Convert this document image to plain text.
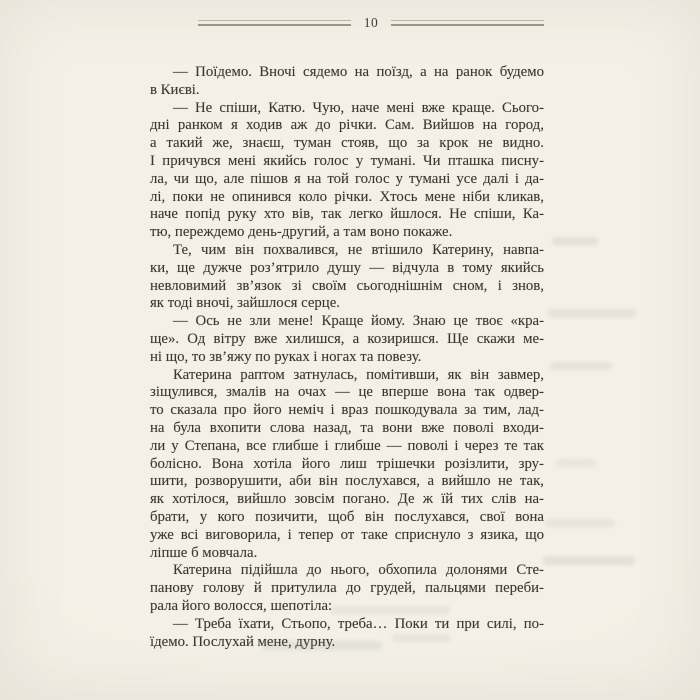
10
— Поїдемо. Вночі сядемо на поїзд, а на ранок будемо
в Києві.
— Не спіши, Катю. Чую, наче мені вже краще. Сього-
дні ранком я ходив аж до річки. Сам. Вийшов на город,
а такий же, знаєш, туман стояв, що за крок не видно.
І причувся мені якийсь голос у тумані. Чи пташка писну-
ла, чи що, але пішов я на той голос у тумані усе далі і да-
лі, поки не опинився коло річки. Хтось мене ніби кликав,
наче попід руку хто вів, так легко йшлося. Не спіши, Ка-
тю, переждемо день-другий, а там воно покаже.
Те, чим він похвалився, не втішило Катерину, навпа-
ки, ще дужче роз’ятрило душу — відчула в тому якийсь
невловимий зв’язок зі своїм сьогоднішнім сном, і знов,
як тоді вночі, зайшлося серце.
— Ось не зли мене! Краще йому. Знаю це твоє «кра-
ще». Од вітру вже хилишся, а козиришся. Ще скажи ме-
ні що, то зв’яжу по руках і ногах та повезу.
Катерина раптом затнулась, помітивши, як він завмер,
зіщулився, змалів на очах — це вперше вона так одвер-
то сказала про його неміч і враз пошкодувала за тим, лад-
на була вхопити слова назад, та вони вже поволі входи-
ли у Степана, все глибше і глибше — поволі і через те так
болісно. Вона хотіла його лиш трішечки розізлити, зру-
шити, розворушити, аби він послухався, а вийшло не так,
як хотілося, вийшло зовсім погано. Де ж їй тих слів на-
брати, у кого позичити, щоб він послухався, свої вона
уже всі виговорила, і тепер от таке сприснуло з язика, що
ліпше б мовчала.
Катерина підійшла до нього, обхопила долонями Сте-
панову голову й притулила до грудей, пальцями переби-
рала його волосся, шепотіла:
— Треба їхати, Стьопо, треба… Поки ти при силі, по-
їдемо. Послухай мене, дурну.
